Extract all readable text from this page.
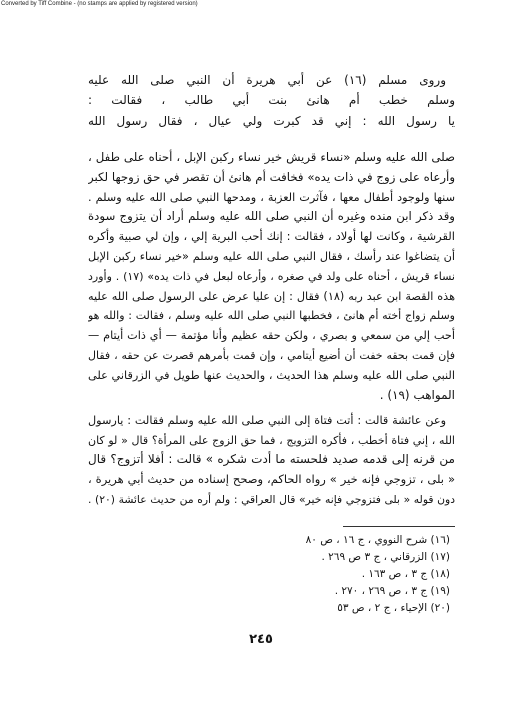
Converted by Tiff Combine - (no stamps are applied by registered version)
وروى مسلم (١٦) عن أبي هريرة أن النبي صلى الله عليه
وسلم خطب أم هانئ بنت أبي طالب ، فقالت :
يا رسول الله : إني قد كبرت ولي عيال ، فقال رسول الله
صلى الله عليه وسلم «نساء قريش خير نساء ركبن الإبل ، أحناه على طفل ،
وأرعاه على زوج في ذات يده» فخافت أم هانئ أن تقصر في حق زوجها لكبر
سنها ولوجود أطفال معها ، فآثرت العزبة ، ومدحها النبي صلى الله عليه وسلم .
وقد ذكر ابن منده وغيره أن النبي صلى الله عليه وسلم أراد أن يتزوج سودة
القرشية ، وكانت لها أولاد ، فقالت : إنك أحب البرية إلي ، وإن لي صبية وأكره
أن يتضاغوا عند رأسك ، فقال النبي صلى الله عليه وسلم «خير نساء ركبن الإبل
نساء قريش ، أحناه على ولد في صغره ، وأرعاه لبعل في ذات يده» (١٧) . وأورد
هذه القصة ابن عبد ربه (١٨) فقال : إن عليا عرض على الرسول صلى الله عليه
وسلم زواج أخته أم هانئ ، فخطبها النبي صلى الله عليه وسلم ، فقالت : والله هو
أحب إلي من سمعي و بصري ، ولكن حقه عظيم وأنا مؤتمة — أي ذات أيتام —
فإن قمت بحقه خفت أن أضيع أيتامي ، وإن قمت بأمرهم قصرت عن حقه ، فقال
النبي صلى الله عليه وسلم هذا الحديث ، والحديث عنها طويل في الزرقاني على
المواهب (١٩) .
وعن عائشة قالت : أتت فتاة إلى النبي صلى الله عليه وسلم فقالت : يارسول
الله ، إني فتاة أخطب ، فأكره التزويج ، فما حق الزوج على المرأة؟ قال « لو كان
من قرنه إلى قدمه صديد فلحسته ما أدت شكره » قالت : أفلا أتزوج؟ قال
« بلى ، تزوجي فإنه خير » رواه الحاكم، وصحح إسناده من حديث أبي هريرة ،
دون قوله « بلى فتزوجي فإنه خير» قال العراقي : ولم أره من حديث عائشة (٢٠) .
(١٦) شرح النووي ، ج ١٦ ، ص ٨٠
(١٧) الزرقاني ، ج ٣ ص ٢٦٩ .
(١٨) ج ٣ ، ص ١٦٣ .
(١٩) ج ٣ ، ص ٢٦٩ ، ٢٧٠ .
(٢٠) الإحياء ، ج ٢ ، ص ٥٣
٢٤٥
